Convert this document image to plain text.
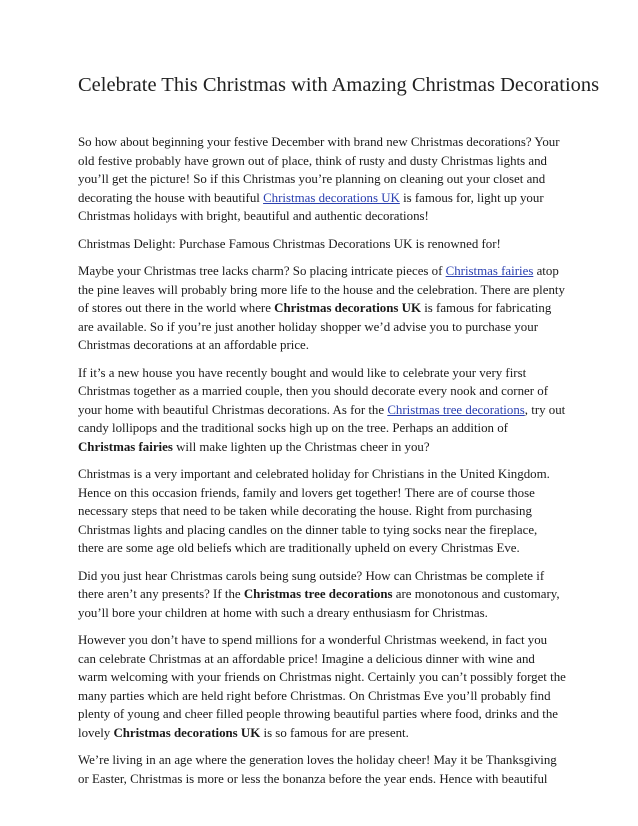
Celebrate This Christmas with Amazing Christmas Decorations

So how about beginning your festive December with brand new Christmas decorations? Your old festive probably have grown out of place, think of rusty and dusty Christmas lights and you’ll get the picture! So if this Christmas you’re planning on cleaning out your closet and decorating the house with beautiful Christmas decorations UK is famous for, light up your Christmas holidays with bright, beautiful and authentic decorations!

Christmas Delight: Purchase Famous Christmas Decorations UK is renowned for!

Maybe your Christmas tree lacks charm? So placing intricate pieces of Christmas fairies atop the pine leaves will probably bring more life to the house and the celebration. There are plenty of stores out there in the world where Christmas decorations UK is famous for fabricating are available. So if you’re just another holiday shopper we’d advise you to purchase your Christmas decorations at an affordable price.

If it’s a new house you have recently bought and would like to celebrate your very first Christmas together as a married couple, then you should decorate every nook and corner of your home with beautiful Christmas decorations. As for the Christmas tree decorations, try out candy lollipops and the traditional socks high up on the tree. Perhaps an addition of Christmas fairies will make lighten up the Christmas cheer in you?

Christmas is a very important and celebrated holiday for Christians in the United Kingdom. Hence on this occasion friends, family and lovers get together! There are of course those necessary steps that need to be taken while decorating the house. Right from purchasing Christmas lights and placing candles on the dinner table to tying socks near the fireplace, there are some age old beliefs which are traditionally upheld on every Christmas Eve.

Did you just hear Christmas carols being sung outside? How can Christmas be complete if there aren’t any presents? If the Christmas tree decorations are monotonous and customary, you’ll bore your children at home with such a dreary enthusiasm for Christmas.

However you don’t have to spend millions for a wonderful Christmas weekend, in fact you can celebrate Christmas at an affordable price! Imagine a delicious dinner with wine and warm welcoming with your friends on Christmas night. Certainly you can’t possibly forget the many parties which are held right before Christmas. On Christmas Eve you’ll probably find plenty of young and cheer filled people throwing beautiful parties where food, drinks and the lovely Christmas decorations UK is so famous for are present.

We’re living in an age where the generation loves the holiday cheer! May it be Thanksgiving or Easter, Christmas is more or less the bonanza before the year ends. Hence with beautiful
